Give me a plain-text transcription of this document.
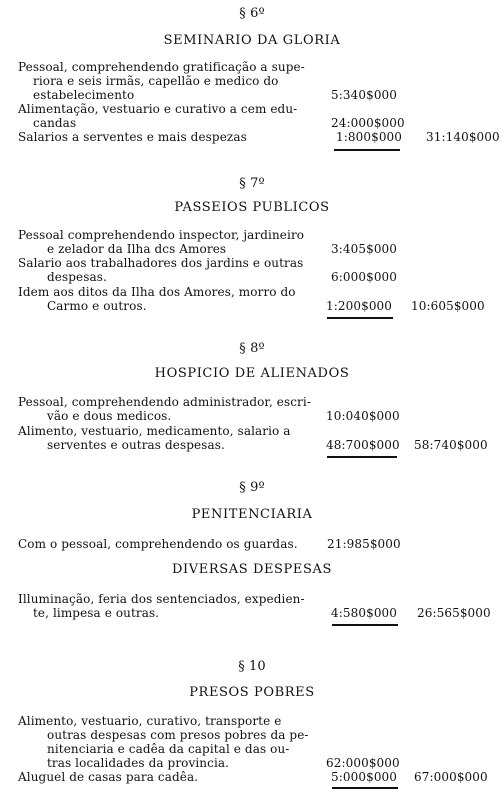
§ 6º
SEMINARIO DA GLORIA
Pessoal, comprehendendo gratificação a supe-
riora e seis irmãs, capellão e medico do
estabelecimento	5:340$000
Alimentação, vestuario e curativo a cem edu-
candas	24:000$000
Salarios a serventes e mais despezas	1:800$000 31:140$000
§ 7º
PASSEIOS PUBLICOS
Pessoal comprehendendo inspector, jardineiro
e zelador da Ilha dcs Amores	3:405$000
Salario aos trabalhadores dos jardins e outras
despesas.	6:000$000
Idem aos ditos da Ilha dos Amores, morro do
Carmo e outros.	1:200$000 10:605$000
§ 8º
HOSPICIO DE ALIENADOS
Pessoal, comprehendendo administrador, escri-
vão e dous medicos.	10:040$000
Alimento, vestuario, medicamento, salario a
serventes e outras despesas.	48:700$000 58:740$000
§ 9º
PENITENCIARIA
Com o pessoal, comprehendendo os guardas. 21:985$000
DIVERSAS DESPESAS
Illuminação, feria dos sentenciados, expedien-
te, limpesa e outras.	4:580$000 26:565$000
§ 10
PRESOS POBRES
Alimento, vestuario, curativo, transporte e
outras despesas com presos pobres da pe-
nitenciaria e cadêa da capital e das ou-
tras localidades da provincia.	62:000$000
Aluguel de casas para cadêa.	5:000$000 67:000$000
